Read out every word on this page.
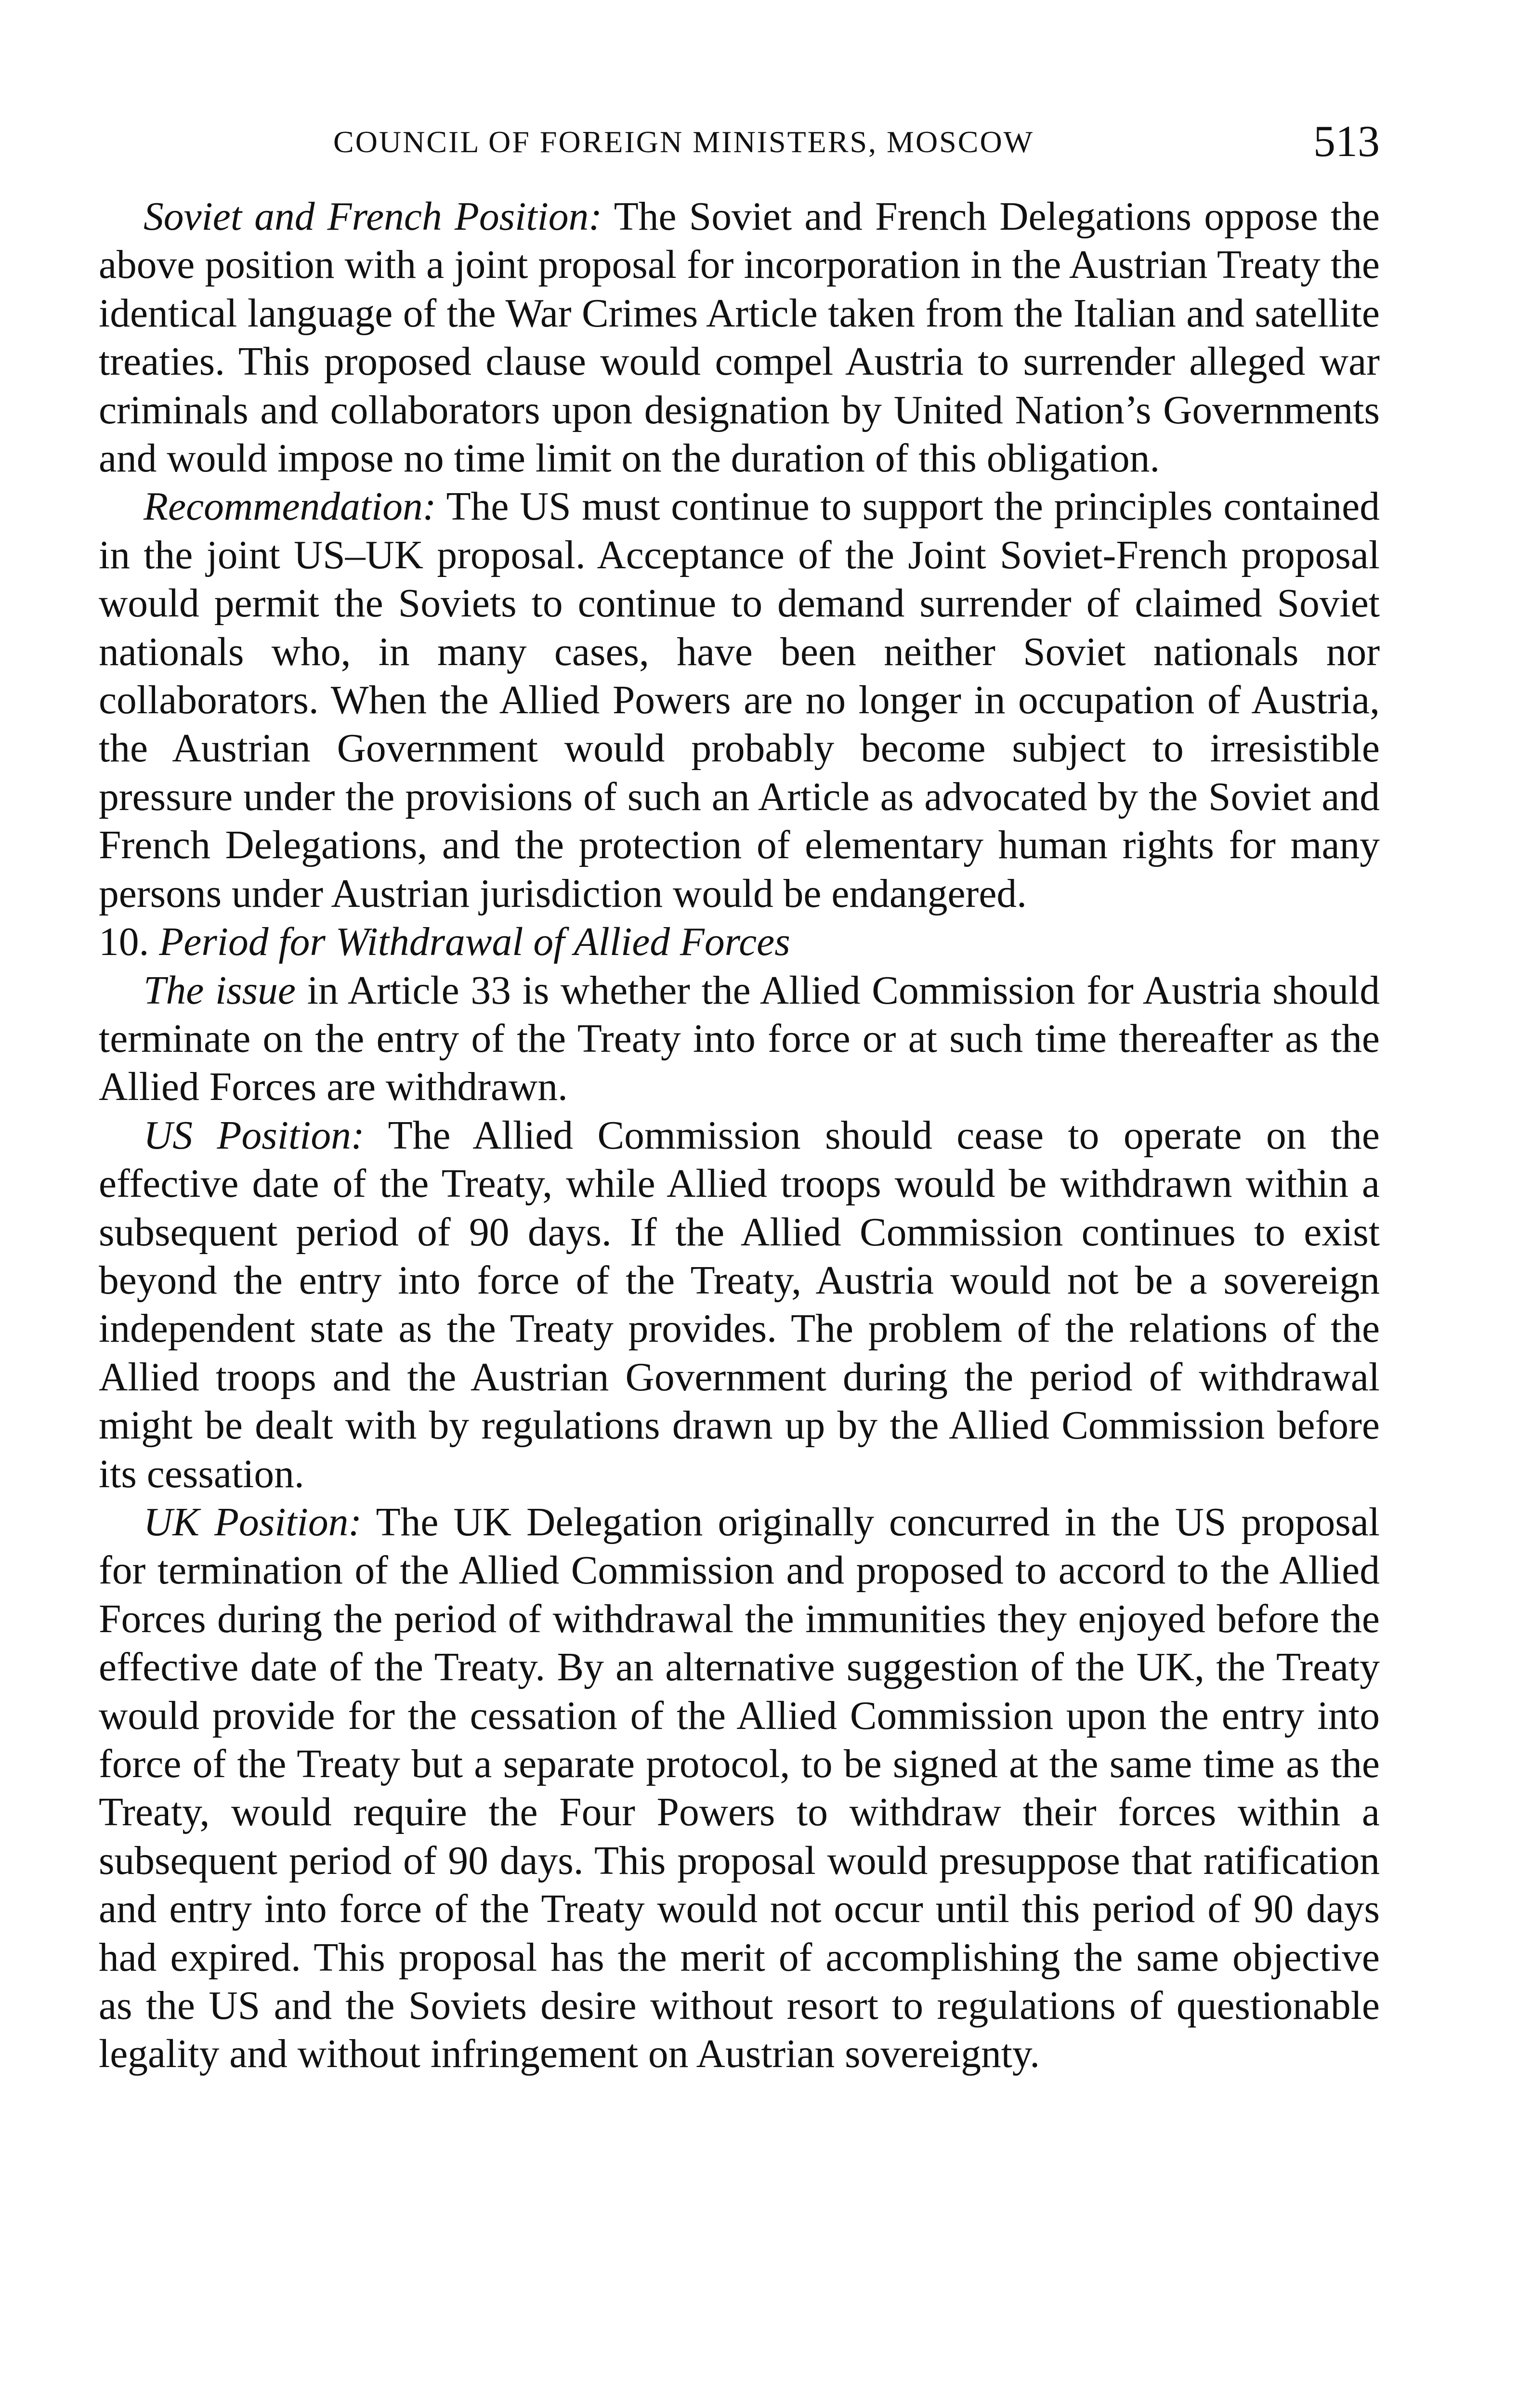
COUNCIL OF FOREIGN MINISTERS, MOSCOW	513

Soviet and French Position: The Soviet and French Delegations oppose the above position with a joint proposal for incorporation in the Austrian Treaty the identical language of the War Crimes Article taken from the Italian and satellite treaties. This proposed clause would compel Austria to surrender alleged war criminals and collaborators upon designation by United Nation’s Governments and would impose no time limit on the duration of this obligation.

Recommendation: The US must continue to support the principles contained in the joint US–UK proposal. Acceptance of the Joint Soviet-French proposal would permit the Soviets to continue to demand surrender of claimed Soviet nationals who, in many cases, have been neither Soviet nationals nor collaborators. When the Allied Powers are no longer in occupation of Austria, the Austrian Government would probably become subject to irresistible pressure under the provisions of such an Article as advocated by the Soviet and French Delegations, and the protection of elementary human rights for many persons under Austrian jurisdiction would be endangered.

10. Period for Withdrawal of Allied Forces

The issue in Article 33 is whether the Allied Commission for Austria should terminate on the entry of the Treaty into force or at such time thereafter as the Allied Forces are withdrawn.

US Position: The Allied Commission should cease to operate on the effective date of the Treaty, while Allied troops would be withdrawn within a subsequent period of 90 days. If the Allied Commission continues to exist beyond the entry into force of the Treaty, Austria would not be a sovereign independent state as the Treaty provides. The problem of the relations of the Allied troops and the Austrian Government during the period of withdrawal might be dealt with by regulations drawn up by the Allied Commission before its cessation.

UK Position: The UK Delegation originally concurred in the US proposal for termination of the Allied Commission and proposed to accord to the Allied Forces during the period of withdrawal the immunities they enjoyed before the effective date of the Treaty. By an alternative suggestion of the UK, the Treaty would provide for the cessation of the Allied Commission upon the entry into force of the Treaty but a separate protocol, to be signed at the same time as the Treaty, would require the Four Powers to withdraw their forces within a subsequent period of 90 days. This proposal would presuppose that ratification and entry into force of the Treaty would not occur until this period of 90 days had expired. This proposal has the merit of accomplishing the same objective as the US and the Soviets desire without resort to regulations of questionable legality and without infringement on Austrian sovereignty.
